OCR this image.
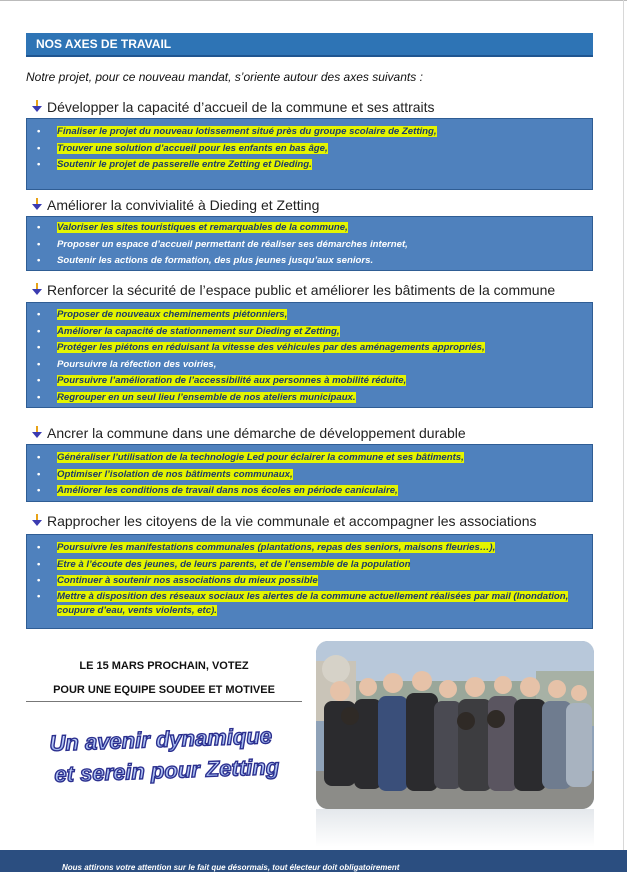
NOS AXES DE TRAVAIL
Notre projet, pour ce nouveau mandat, s’oriente autour des axes suivants :
Développer la capacité d’accueil de la commune et ses attraits
• Finaliser le projet du nouveau lotissement situé près du groupe scolaire de Zetting,
• Trouver une solution d’accueil pour les enfants en bas âge,
• Soutenir le projet de passerelle entre Zetting et Dieding.
Améliorer la convivialité à Dieding et Zetting
• Valoriser les sites touristiques et remarquables de la commune,
• Proposer un espace d’accueil permettant de réaliser ses démarches internet,
• Soutenir les actions de formation, des plus jeunes jusqu’aux seniors.
Renforcer la sécurité de l’espace public et améliorer les bâtiments de la commune
• Proposer de nouveaux cheminements piétonniers,
• Améliorer la capacité de stationnement sur Dieding et Zetting,
• Protéger les piétons en réduisant la vitesse des véhicules par des aménagements appropriés,
• Poursuivre la réfection des voiries,
• Poursuivre l’amélioration de l’accessibilité aux personnes à mobilité réduite,
• Regrouper en un seul lieu l’ensemble de nos ateliers municipaux.
Ancrer la commune dans une démarche de développement durable
• Généraliser l’utilisation de la technologie Led pour éclairer la commune et ses bâtiments,
• Optimiser l’isolation de nos bâtiments communaux,
• Améliorer les conditions de travail dans nos écoles en période caniculaire,
Rapprocher les citoyens de la vie communale et accompagner les associations
• Poursuivre les manifestations communales (plantations, repas des seniors, maisons fleuries…),
• Etre à l’écoute des jeunes, de leurs parents, et de l’ensemble de la population
• Continuer à soutenir nos associations du mieux possible
• Mettre à disposition des réseaux sociaux les alertes de la commune actuellement réalisées par mail (Inondation, coupure d’eau, vents violents, etc).
LE 15 MARS PROCHAIN, VOTEZ
POUR UNE EQUIPE SOUDEE ET MOTIVEE
Un avenir dynamique
et serein pour Zetting
Nous attirons votre attention sur le fait que désormais, tout électeur doit obligatoirement
